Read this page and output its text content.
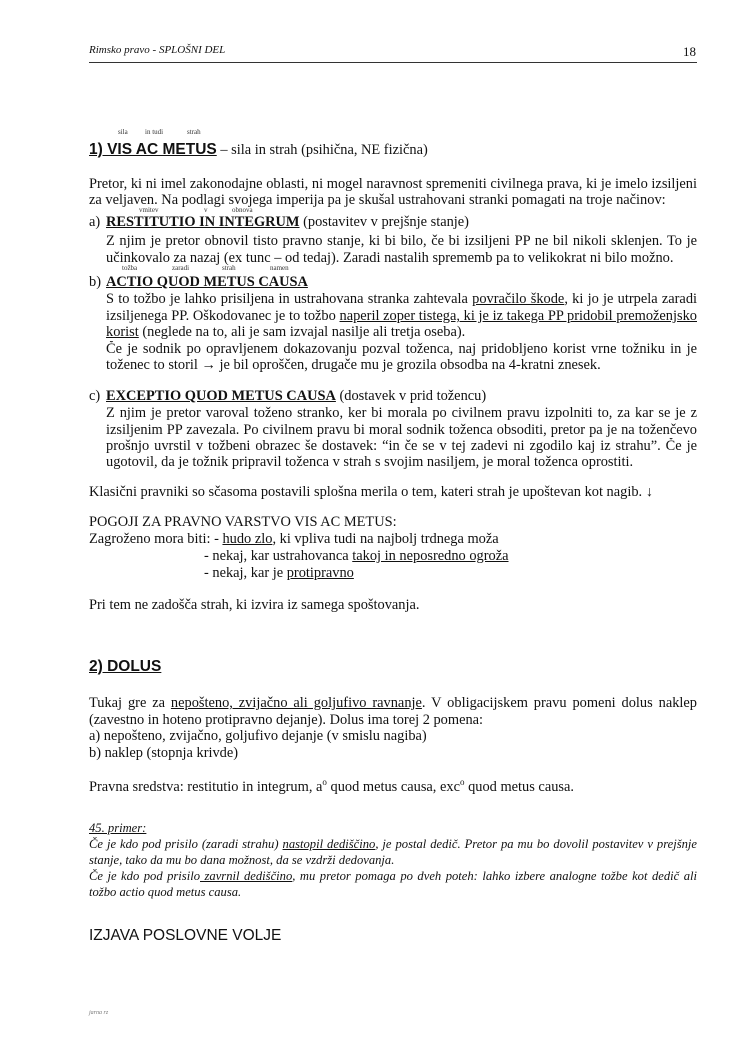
Rimsko pravo - SPLOŠNI DEL	18
1) VIS AC METUS – sila in strah (psihična, NE fizična)
Pretor, ki ni imel zakonodajne oblasti, ni mogel naravnost spremeniti civilnega prava, ki je imelo izsiljeni
za veljaven. Na podlagi svojega imperija pa je skušal ustrahovani stranki pomagati na troje načinov:
a) RESTITUTIO IN INTEGRUM (postavitev v prejšnje stanje)
Z njim je pretor obnovil tisto pravno stanje, ki bi bilo, če bi izsiljeni PP ne bil nikoli sklenjen. To je
učinkovalo za nazaj (ex tunc – od tedaj). Zaradi nastalih sprememb pa to velikokrat ni bilo možno.
b) ACTIO QUOD METUS CAUSA
S to tožbo je lahko prisiljena in ustrahovana stranka zahtevala povračilo škode, ki jo je utrpela zaradi
izsiljenega PP. Oškodovanec je to tožbo naperil zoper tistega, ki je iz takega PP pridobil premoženjsko
korist (neglede na to, ali je sam izvajal nasilje ali tretja oseba).
Če je sodnik po opravljenem dokazovanju pozval toženca, naj pridobljeno korist vrne tožniku in je
toženec to storil → je bil oproščen, drugače mu je grozila obsodba na 4-kratni znesek.
c) EXCEPTIO QUOD METUS CAUSA (dostavek v prid tožencu)
Z njim je pretor varoval toženo stranko, ker bi morala po civilnem pravu izpolniti to, za kar se je z
izsiljenim PP zavezala. Po civilnem pravu bi moral sodnik toženca obsoditi, pretor pa je na toženčevo
prošnjo uvrstil v tožbeni obrazec še dostavek: “in če se v tej zadevi ni zgodilo kaj iz strahu”. Če je
ugotovil, da je tožnik pripravil toženca v strah s svojim nasiljem, je moral toženca oprostiti.
Klasični pravniki so sčasoma postavili splošna merila o tem, kateri strah je upoštevan kot nagib. ↓
POGOJI ZA PRAVNO VARSTVO VIS AC METUS:
Zagroženo mora biti: - hudo zlo, ki vpliva tudi na najbolj trdnega moža
- nekaj, kar ustrahovanca takoj in neposredno ogroža
- nekaj, kar je protipravno
Pri tem ne zadošča strah, ki izvira iz samega spoštovanja.
2) DOLUS
Tukaj gre za nepošteno, zvijačno ali goljufivo ravnanje. V obligacijskem pravu pomeni dolus naklep
(zavestno in hoteno protipravno dejanje). Dolus ima torej 2 pomena:
a) nepošteno, zvijačno, goljufivo dejanje (v smislu nagiba)
b) naklep (stopnja krivde)
Pravna sredstva: restitutio in integrum, $a^o$ quod metus causa, exc$^o$ quod metus causa.
45. primer:
Če je kdo pod prisilo (zaradi strahu) nastopil dediščino, je postal dedič. Pretor pa mu bo dovolil postavitev v prejšnje
stanje, tako da mu bo dana možnost, da se vzdrži dedovanja.
Če je kdo pod prisilo zavrnil dediščino, mu pretor pomaga po dveh poteh: lahko izbere analogne tožbe kot dedič ali
tožbo actio quod metus causa.
IZJAVA POSLOVNE VOLJE
sila in tudi	strah
vmitev	v	obnova
tožba	zaradi	strah	namen
jarna rz
